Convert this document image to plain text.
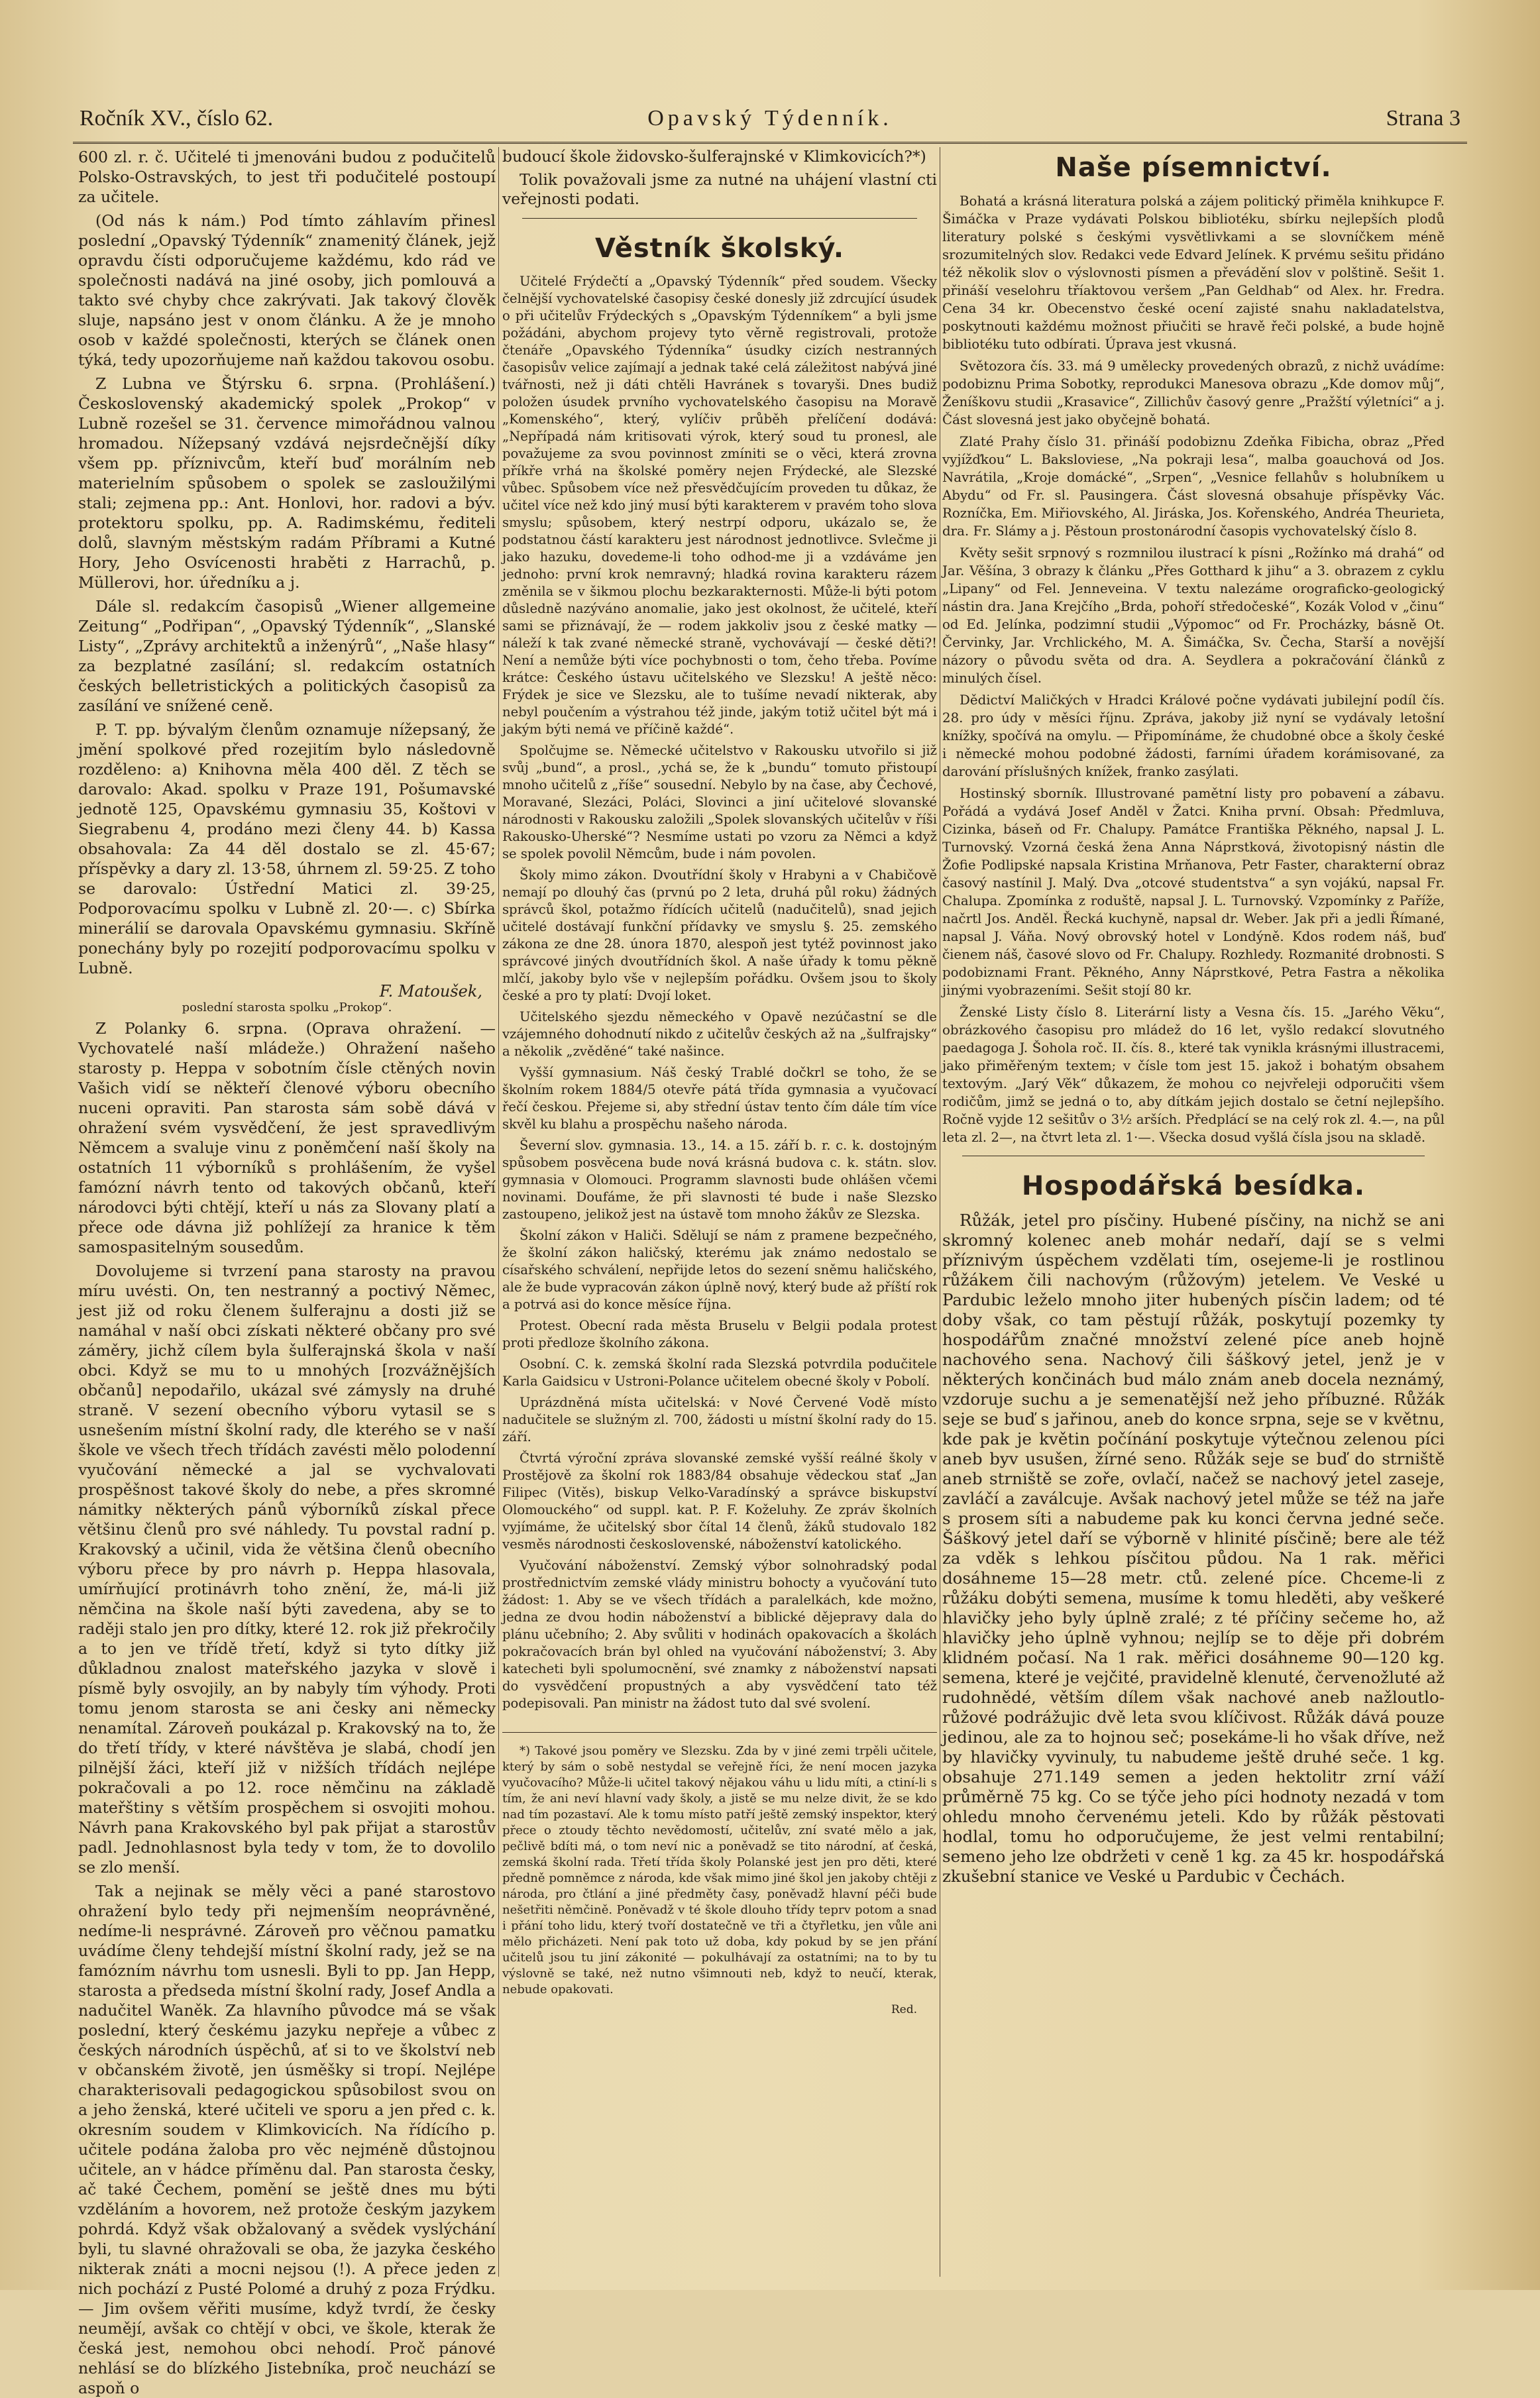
Ročník XV., číslo 62.	Opavský Týdenník.	Strana 3

600 zl. r. č. Učitelé ti jmenováni budou z podučitelů Polsko-Ostravských, to jest tři podučitelé postoupí za učitele.

(Od nás k nám.) Pod tímto záhlavím přinesl poslední „Opavský Týdenník“ znamenitý článek, jejž opravdu čísti odporučujeme každému, kdo rád ve společnosti nadává na jiné osoby, jich pomlouvá a takto své chyby chce zakrývati. Jak takový člověk sluje, napsáno jest v onom článku. A že je mnoho osob v každé společnosti, kterých se článek onen týká, tedy upozorňujeme naň každou takovou osobu.

Z Lubna ve Štýrsku 6. srpna. (Prohlášení.) Československý akademický spolek „Prokop“ v Lubně rozešel se 31. července mimořádnou valnou hromadou. Nížepsaný vzdává nejsrdečnější díky všem pp. příznivcům, kteří buď morálním neb materielním spůsobem o spolek se zasloužilými stali; zejmena pp.: Ant. Honlovi, hor. radovi a býv. protektoru spolku, pp. A. Radimskému, řediteli dolů, slavným městským radám Příbrami a Kutné Hory, Jeho Osvícenosti hraběti z Harrachů, p. Müllerovi, hor. úředníku a j.

Dále sl. redakcím časopisů „Wiener allgemeine Zeitung“ „Podřipan“, „Opavský Týdenník“, „Slanské Listy“, „Zprávy architektů a inženýrů“, „Naše hlasy“ za bezplatné zasílání; sl. redakcím ostatních českých belletristických a politických časopisů za zasílání ve snížené ceně.

P. T. pp. bývalým členům oznamuje nížepsaný, že jmění spolkové před rozejitím bylo následovně rozděleno: a) Knihovna měla 400 děl. Z těch se darovalo: Akad. spolku v Praze 191, Pošumavské jednotě 125, Opavskému gymnasiu 35, Koštovi v Siegrabenu 4, prodáno mezi členy 44. b) Kassa obsahovala: Za 44 děl dostalo se zl. 45·67; příspěvky a dary zl. 13·58, úhrnem zl. 59·25. Z toho se darovalo: Ústřední Matici zl. 39·25, Podporovacímu spolku v Lubně zl. 20·—. c) Sbírka minerálií se darovala Opavskému gymnasiu. Skříně ponechány byly po rozejití podporovacímu spolku v Lubně.

F. Matoušek,
poslední starosta spolku „Prokop“.

Z Polanky 6. srpna. (Oprava ohražení. — Vychovatelé naší mládeže.) Ohražení našeho starosty p. Heppa v sobotním čísle ctěných novin Vašich vidí se někteří členové výboru obecního nuceni opraviti. Pan starosta sám sobě dává v ohražení svém vysvědčení, že jest spravedlivým Němcem a svaluje vinu z poněmčení naší školy na ostatních 11 výborníků s prohlášením, že vyšel famózní návrh tento od takových občanů, kteří národovci býti chtějí, kteří u nás za Slovany platí a přece ode dávna již pohlížejí za hranice k těm samospasitelným sousedům.

Dovolujeme si tvrzení pana starosty na pravou míru uvésti. On, ten nestranný a poctivý Němec, jest již od roku členem šulferajnu a dosti již se namáhal v naší obci získati některé občany pro své záměry, jichž cílem byla šulferajnská škola v naší obci. Když se mu to u mnohých [rozvážnějších občanů] nepodařilo, ukázal své zámysly na druhé straně. V sezení obecního výboru vytasil se s usnešením místní školní rady, dle kterého se v naší škole ve všech třech třídách zavésti mělo polodenní vyučování německé a jal se vychvalovati prospěšnost takové školy do nebe, a přes skromné námitky některých pánů výborníků získal přece většinu členů pro své náhledy. Tu povstal radní p. Krakovský a učinil, vida že většina členů obecního výboru přece by pro návrh p. Heppa hlasovala, umírňující protinávrh toho znění, že, má-li již němčina na škole naší býti zavedena, aby se to raději stalo jen pro dítky, které 12. rok již překročily a to jen ve třídě třetí, když si tyto dítky již důkladnou znalost mateřského jazyka v slově i písmě byly osvojily, an by nabyly tím výhody. Proti tomu jenom starosta se ani česky ani německy nenamítal. Zároveň poukázal p. Krakovský na to, že do třetí třídy, v které návštěva je slabá, chodí jen pilnější žáci, kteří již v nižších třídách nejlépe pokračovali a po 12. roce němčinu na základě mateřštiny s větším prospěchem si osvojiti mohou. Návrh pana Krakovského byl pak přijat a starostův padl. Jednohlasnost byla tedy v tom, že to dovolilo se zlo menší.

Tak a nejinak se měly věci a pané starostovo ohražení bylo tedy při nejmenším neoprávněné, nedíme-li nesprávné. Zároveň pro věčnou pamatku uvádíme členy tehdejší místní školní rady, jež se na famózním návrhu tom usnesli. Byli to pp. Jan Hepp, starosta a předseda místní školní rady, Josef Andla a nadučitel Waněk. Za hlavního původce má se však poslední, který českému jazyku nepřeje a vůbec z českých národních úspěchů, ať si to ve školství neb v občanském životě, jen úsměšky si tropí. Nejlépe charakterisovali pedagogickou spůsobilost svou on a jeho ženská, které učiteli ve sporu a jen před c. k. okresním soudem v Klimkovicích. Na řídícího p. učitele podána žaloba pro věc nejméně důstojnou učitele, an v hádce příměnu dal. Pan starosta česky, ač také Čechem, pomění se ještě dnes mu býti vzděláním a hovorem, než protože českým jazykem pohrdá. Když však obžalovaný a svědek vyslýchání byli, tu slavné ohražovali se oba, že jazyka českého nikterak znáti a mocni nejsou (!). A přece jeden z nich pochází z Pusté Polomé a druhý z poza Frýdku. — Jim ovšem věřiti musíme, když tvrdí, že česky neumějí, avšak co chtějí v obci, ve škole, kterak že česká jest, nemohou obci nehodí. Proč pánové nehlásí se do blízkého Jistebníka, proč neuchází se aspoň o

budoucí škole židovsko-šulferajnské v Klimkovicích?*)

Tolik považovali jsme za nutné na uhájení vlastní cti veřejnosti podati.

Věstník školský.

Učitelé Frýdečtí a „Opavský Týdenník“ před soudem. Všecky čelnější vychovatelské časopisy české donesly již zdrcující úsudek o při učitelův Frýdeckých s „Opavským Týdenníkem“ a byli jsme požádáni, abychom projevy tyto věrně registrovali, protože čtenáře „Opavského Týdenníka“ úsudky cizích nestranných časopisův velice zajímají a jednak také celá záležitost nabývá jiné tvářnosti, než ji dáti chtěli Havránek s tovaryši. Dnes budiž položen úsudek prvního vychovatelského časopisu na Moravě „Komenského“, který, vylíčiv průběh přelíčení dodává: „Nepřípadá nám kritisovati výrok, který soud tu pronesl, ale považujeme za svou povinnost zmíniti se o věci, která zrovna příkře vrhá na školské poměry nejen Frýdecké, ale Slezské vůbec. Spůsobem více než přesvědčujícím proveden tu důkaz, že učitel více než kdo jiný musí býti karakterem v pravém toho slova smyslu; spůsobem, který nestrpí odporu, ukázalo se, že podstatnou částí karakteru jest národnost jednotlivce. Svlečme ji jako hazuku, dovedeme-li toho odhod-me ji a vzdáváme jen jednoho: první krok nemravný; hladká rovina karakteru rázem změnila se v šikmou plochu bezkarakternosti. Může-li býti potom důsledně nazýváno anomalie, jako jest okolnost, že učitelé, kteří sami se přiznávají, že — rodem jakkoliv jsou z české matky — náleží k tak zvané německé straně, vychovávají — české děti?! Není a nemůže býti více pochybnosti o tom, čeho třeba. Povíme krátce: Českého ústavu učitelského ve Slezsku! A ještě něco: Frýdek je sice ve Slezsku, ale to tušíme nevadí nikterak, aby nebyl poučením a výstrahou též jinde, jakým totiž učitel být má i jakým býti nemá ve příčině každé“.

Spolčujme se. Německé učitelstvo v Rakousku utvořilo si již svůj „bund“, a prosl., ‚ychá se, že k „bundu“ tomuto přistoupí mnoho učitelů z „říše“ sousední. Nebylo by na čase, aby Čechové, Moravané, Slezáci, Poláci, Slovinci a jiní učitelové slovanské národnosti v Rakousku založili „Spolek slovanských učitelův v říši Rakousko-Uherské“? Nesmíme ustati po vzoru za Němci a když se spolek povolil Němcům, bude i nám povolen.

Školy mimo zákon. Dvoutřídní školy v Hrabyni a v Chabičově nemají po dlouhý čas (prvnú po 2 leta, druhá půl roku) žádných správců škol, potažmo řídících učitelů (nadučitelů), snad jejich učitelé dostávají funkční přídavky ve smyslu §. 25. zemského zákona ze dne 28. února 1870, alespoň jest tytéž povinnost jako správcové jiných dvoutřídních škol. A naše úřady k tomu pěkně mlčí, jakoby bylo vše v nejlepším pořádku. Ovšem jsou to školy české a pro ty platí: Dvojí loket.

Učitelského sjezdu německého v Opavě nezúčastní se dle vzájemného dohodnutí nikdo z učitelův českých až na „šulfrajsky“ a několik „zvěděné“ také našince.

Vyšší gymnasium. Náš český Trablé dočkrl se toho, že se školním rokem 1884/5 otevře pátá třída gymnasia a vyučovací řečí českou. Přejeme si, aby střední ústav tento čím dále tím více skvěl ku blahu a prospěchu našeho národa.

Ševerní slov. gymnasia. 13., 14. a 15. září b. r. c. k. dostojným spůsobem posvěcena bude nová krásná budova c. k. státn. slov. gymnasia v Olomouci. Programm slavnosti bude ohlášen včemi novinami. Doufáme, že při slavnosti té bude i naše Slezsko zastoupeno, jelikož jest na ústavě tom mnoho žákův ze Slezska.

Školní zákon v Haliči. Sdělují se nám z pramene bezpečného, že školní zákon haličský, kterému jak známo nedostalo se císařského schválení, nepřijde letos do sezení sněmu haličského, ale že bude vypracován zákon úplně nový, který bude až příští rok a potrvá asi do konce měsíce října.

Protest. Obecní rada města Bruselu v Belgii podala protest proti předloze školního zákona.

Osobní. C. k. zemská školní rada Slezská potvrdila podučitele Karla Gaidsicu v Ustroni-Polance učitelem obecné školy v Pobolí.

Uprázdněná místa učitelská: v Nové Červené Vodě místo nadučitele se služným zl. 700, žádosti u místní školní rady do 15. září.

Čtvrtá výroční zpráva slovanské zemské vyšší reálné školy v Prostějově za školní rok 1883/84 obsahuje vědeckou stať „Jan Filipec (Vitěs), biskup Velko-Varadínský a správce biskupství Olomouckého“ od suppl. kat. P. F. Koželuhy. Ze zpráv školních vyjímáme, že učitelský sbor čítal 14 členů, žáků studovalo 182 vesměs národnosti československé, náboženství katolického.

Vyučování náboženství. Zemský výbor solnohradský podal prostřednictvím zemské vlády ministru bohocty a vyučování tuto žádost: 1. Aby se ve všech třídách a paralelkách, kde možno, jedna ze dvou hodin náboženství a biblické dějepravy dala do plánu učebního; 2. Aby svůliti v hodinách opakovacích a školách pokračovacích brán byl ohled na vyučování náboženství; 3. Aby katecheti byli spolumocnění, své znamky z náboženství napsati do vysvědčení propustných a aby vysvědčení tato též podepisovali. Pan ministr na žádost tuto dal své svolení.

*) Takové jsou poměry ve Slezsku. Zda by v jiné zemi trpěli učitele, který by sám o sobě nestydal se veřejně říci, že není mocen jazyka vyučovacího? Může-li učitel takový nějakou váhu u lidu míti, a ctiní-li s tím, že ani neví hlavní vady školy, a jistě se mu nelze divit, že se kdo nad tím pozastaví. Ale k tomu místo patří ještě zemský inspektor, který přece o ztoudy těchto nevědomostí, učitelův, zní svaté mělo a jak, pečlivě bdíti má, o tom neví nic a poněvadž se tito národní, ať česká, zemská školní rada. Třetí třída školy Polanské jest jen pro děti, které předně pomněmce z národa, kde však mimo jiné škol jen jakoby chtěji z národa, pro čtlání a jiné předměty časy, poněvadž hlavní péči bude nešetřiti němčině. Poněvadž v té škole dlouho třídy teprv potom a snad i přání toho lidu, který tvoří dostatečně ve tři a čtyřletku, jen vůle ani mělo přicházeti. Není pak toto už doba, kdy pokud by se jen přání učitelů jsou tu jiní zákonité — pokulhávají za ostatními; na to by tu výslovně se také, než nutno všimnouti neb, když to neučí, kterak, nebude opakovati.

Red.
Naše písemnictví.

Bohatá a krásná literatura polská a zájem politický přiměla knihkupce F. Šimáčka v Praze vydávati Polskou bibliotéku, sbírku nejlepších plodů literatury polské s českými vysvětlivkami a se slovníčkem méně srozumitelných slov. Redakci vede Edvard Jelínek. K prvému sešitu přidáno též několik slov o výslovnosti písmen a převádění slov v polštině. Sešit 1. přináší veselohru tříaktovou veršem „Pan Geldhab“ od Alex. hr. Fredra. Cena 34 kr. Obecenstvo české ocení zajisté snahu nakladatelstva, poskytnouti každému možnost přiučiti se hravě řeči polské, a bude hojně bibliotéku tuto odbírati. Úprava jest vkusná.

Světozora čís. 33. má 9 umělecky provedených obrazů, z nichž uvádíme: podobiznu Prima Sobotky, reprodukci Manesova obrazu „Kde domov můj“, Ženíškovu studii „Krasavice“, Zillichův časový genre „Pražští výletníci“ a j. Část slovesná jest jako obyčejně bohatá.

Zlaté Prahy číslo 31. přináší podobiznu Zdeňka Fibicha, obraz „Před vyjížďkou“ L. Baksloviese, „Na pokraji lesa“, malba goauchová od Jos. Navrátila, „Kroje domácké“, „Srpen“, „Vesnice fellahův s holubníkem u Abydu“ od Fr. sl. Pausingera. Část slovesná obsahuje příspěvky Vác. Rozníčka, Em. Miřiovského, Al. Jiráska, Jos. Kořenského, Andréa Theurieta, dra. Fr. Slámy a j. Pěstoun prostonárodní časopis vychovatelský číslo 8.

Květy sešit srpnový s rozmnilou ilustrací k písni „Rožínko má drahá“ od Jar. Věšína, 3 obrazy k článku „Přes Gotthard k jihu“ a 3. obrazem z cyklu „Lipany“ od Fel. Jenneveina. V textu nalezáme orograficko-geologický nástin dra. Jana Krejčího „Brda, pohoří středočeské“, Kozák Volod v „činu“ od Ed. Jelínka, podzimní studii „Výpomoc“ od Fr. Procházky, básně Ot. Červinky, Jar. Vrchlického, M. A. Šimáčka, Sv. Čecha, Starší a novější názory o původu světa od dra. A. Seydlera a pokračování článků z minulých čísel.

Dědictví Maličkých v Hradci Králové počne vydávati jubilejní podíl čís. 28. pro údy v měsíci říjnu. Zpráva, jakoby již nyní se vydávaly letošní knížky, spočívá na omylu. — Připomínáme, že chudobné obce a školy české i německé mohou podobné žádosti, farními úřadem korámisované, za darování příslušných knížek, franko zasýlati.

Hostinský sborník. Illustrované pamětní listy pro pobavení a zábavu. Pořádá a vydává Josef Anděl v Žatci. Kniha první. Obsah: Předmluva, Cizinka, báseň od Fr. Chalupy. Památce Františka Pěkného, napsal J. L. Turnovský. Vzorná česká žena Anna Náprstková, životopisný nástin dle Žofie Podlipské napsala Kristina Mrňanova, Petr Faster, charakterní obraz časový nastínil J. Malý. Dva „otcové studentstva“ a syn vojákú, napsal Fr. Chalupa. Zpomínka z roduště, napsal J. L. Turnovský. Vzpomínky z Paříže, načrtl Jos. Anděl. Řecká kuchyně, napsal dr. Weber. Jak při a jedli Římané, napsal J. Váňa. Nový obrovský hotel v Londýně. Kdos rodem náš, buď čienem náš, časové slovo od Fr. Chalupy. Rozhledy. Rozmanité drobnosti. S podobiznami Frant. Pěkného, Anny Náprstkové, Petra Fastra a několika jinými vyobrazeními. Sešit stojí 80 kr.

Ženské Listy číslo 8. Literární listy a Vesna čís. 15. „Jarého Věku“, obrázkového časopisu pro mládež do 16 let, vyšlo redakcí slovutného paedagoga J. Šohola roč. II. čís. 8., které tak vynikla krásnými illustracemi, jako přiměřeným textem; v čísle tom jest 15. jakož i bohatým obsahem textovým. „Jarý Věk“ důkazem, že mohou co nejvřeleji odporučiti všem rodičům, jimž se jedná o to, aby dítkám jejich dostalo se četní nejlepšího. Ročně vyjde 12 sešitův o 3½ arších. Předplácí se na celý rok zl. 4.—, na půl leta zl. 2—, na čtvrt leta zl. 1·—. Všecka dosud vyšlá čísla jsou na skladě.

Hospodářská besídka.

Růžák, jetel pro písčiny. Hubené písčiny, na nichž se ani skromný kolenec aneb mohár nedaří, dají se s velmi příznivým úspěchem vzdělati tím, osejeme-li je rostlinou růžákem čili nachovým (růžovým) jetelem. Ve Veské u Pardubic leželo mnoho jiter hubených písčin ladem; od té doby však, co tam pěstují růžák, poskytují pozemky ty hospodářům značné množství zelené píce aneb hojně nachového sena. Nachový čili šáškový jetel, jenž je v některých končinách bud málo znám aneb docela neznámý, vzdoruje suchu a je semenatější než jeho příbuzné. Růžák seje se buď s jařinou, aneb do konce srpna, seje se v květnu, kde pak je květin počínání poskytuje výtečnou zelenou píci aneb byv usušen, žírné seno. Růžák seje se buď do strniště aneb strniště se zoře, ovlačí, načež se nachový jetel zaseje, zavláčí a zaválcuje. Avšak nachový jetel může se též na jaře s prosem síti a nabudeme pak ku konci června jedné seče. Šáškový jetel daří se výborně v hlinité písčině; bere ale též za vděk s lehkou písčitou půdou. Na 1 rak. měřici dosáhneme 15—28 metr. ctů. zelené píce. Chceme-li z růžáku dobýti semena, musíme k tomu hleděti, aby veškeré hlavičky jeho byly úplně zralé; z té příčiny sečeme ho, až hlavičky jeho úplně vyhnou; nejlíp se to děje při dobrém klidném počasí. Na 1 rak. měřici dosáhneme 90—120 kg. semena, které je vejčité, pravidelně klenuté, červenožluté až rudohnědé, větším dílem však nachové aneb nažloutlo-růžové podrážujic dvě leta svou klíčivost. Růžák dává pouze jedinou, ale za to hojnou seč; posekáme-li ho však dříve, než by hlavičky vyvinuly, tu nabudeme ještě druhé seče. 1 kg. obsahuje 271.149 semen a jeden hektolitr zrní váží průměrně 75 kg. Co se týče jeho píci hodnoty nezadá v tom ohledu mnoho červenému jeteli. Kdo by růžák pěstovati hodlal, tomu ho odporučujeme, že jest velmi rentabilní; semeno jeho lze obdržeti v ceně 1 kg. za 45 kr. hospodářská zkušební stanice ve Veské u Pardubic v Čechách.
